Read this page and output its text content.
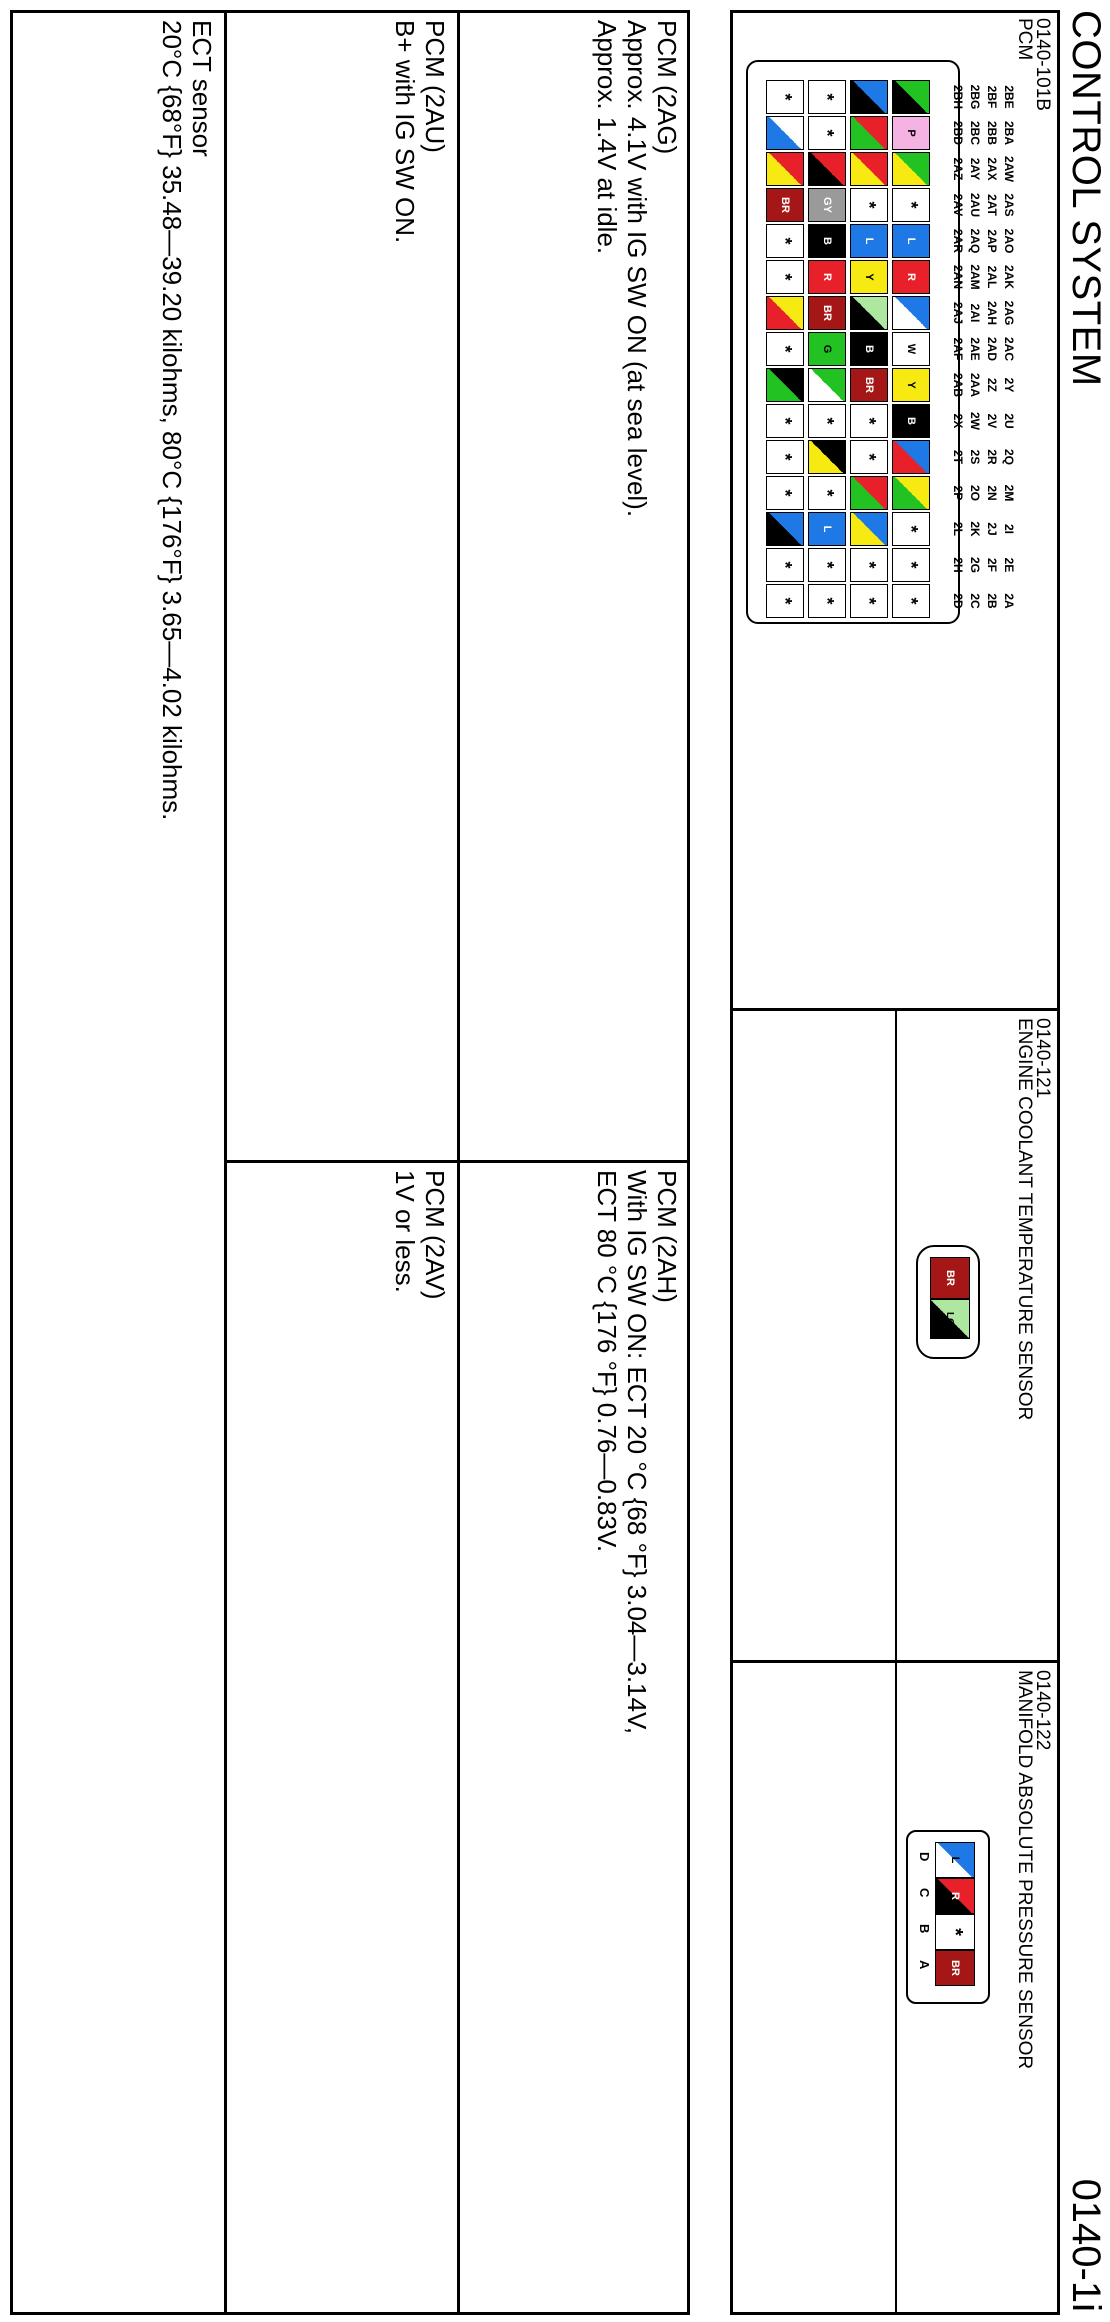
CONTROL SYSTEM
0140-1i
0140-101B
PCM
2BE
2BA
2AW
2AS
2AO
2AK
2AG
2AC
2Y
2U
2Q
2M
2I
2E
2A
2BF
2BB
2AX
2AT
2AP
2AL
2AH
2AD
2Z
2V
2R
2N
2J
2F
2B
2BG
2BC
2AY
2AU
2AQ
2AM
2AI
2AE
2AA
2W
2S
2O
2K
2G
2C
2BH
2BD
2AZ
2AV
2AR
2AN
2AJ
2AF
2AB
2X
2T
2P
2L
2H
2D
P
*
L
R
W
Y
B
*
*
*
*
L
Y
B
BR
*
*
*
*
*
*
GY
B
R
BR
G
*
*
L
*
*
*
BR
*
*
*
*
*
*
*
*
0140-121
ENGINE COOLANT TEMPERATURE SENSOR
BR
LG
0140-122
MANIFOLD ABSOLUTE PRESSURE SENSOR
L
R
*
BR
D
C
B
A
PCM (2AG)
Approx. 4.1V with IG SW ON (at sea level).
Approx. 1.4V at idle.
PCM (2AH)
With IG SW ON: ECT 20 °C {68 °F} 3.04—3.14V,
ECT 80 °C {176 °F} 0.76—0.83V.
PCM (2AU)
B+ with IG SW ON.
PCM (2AV)
1V or less.
ECT sensor
20°C {68°F} 35.48—39.20 kilohms, 80°C {176°F} 3.65—4.02 kilohms.
